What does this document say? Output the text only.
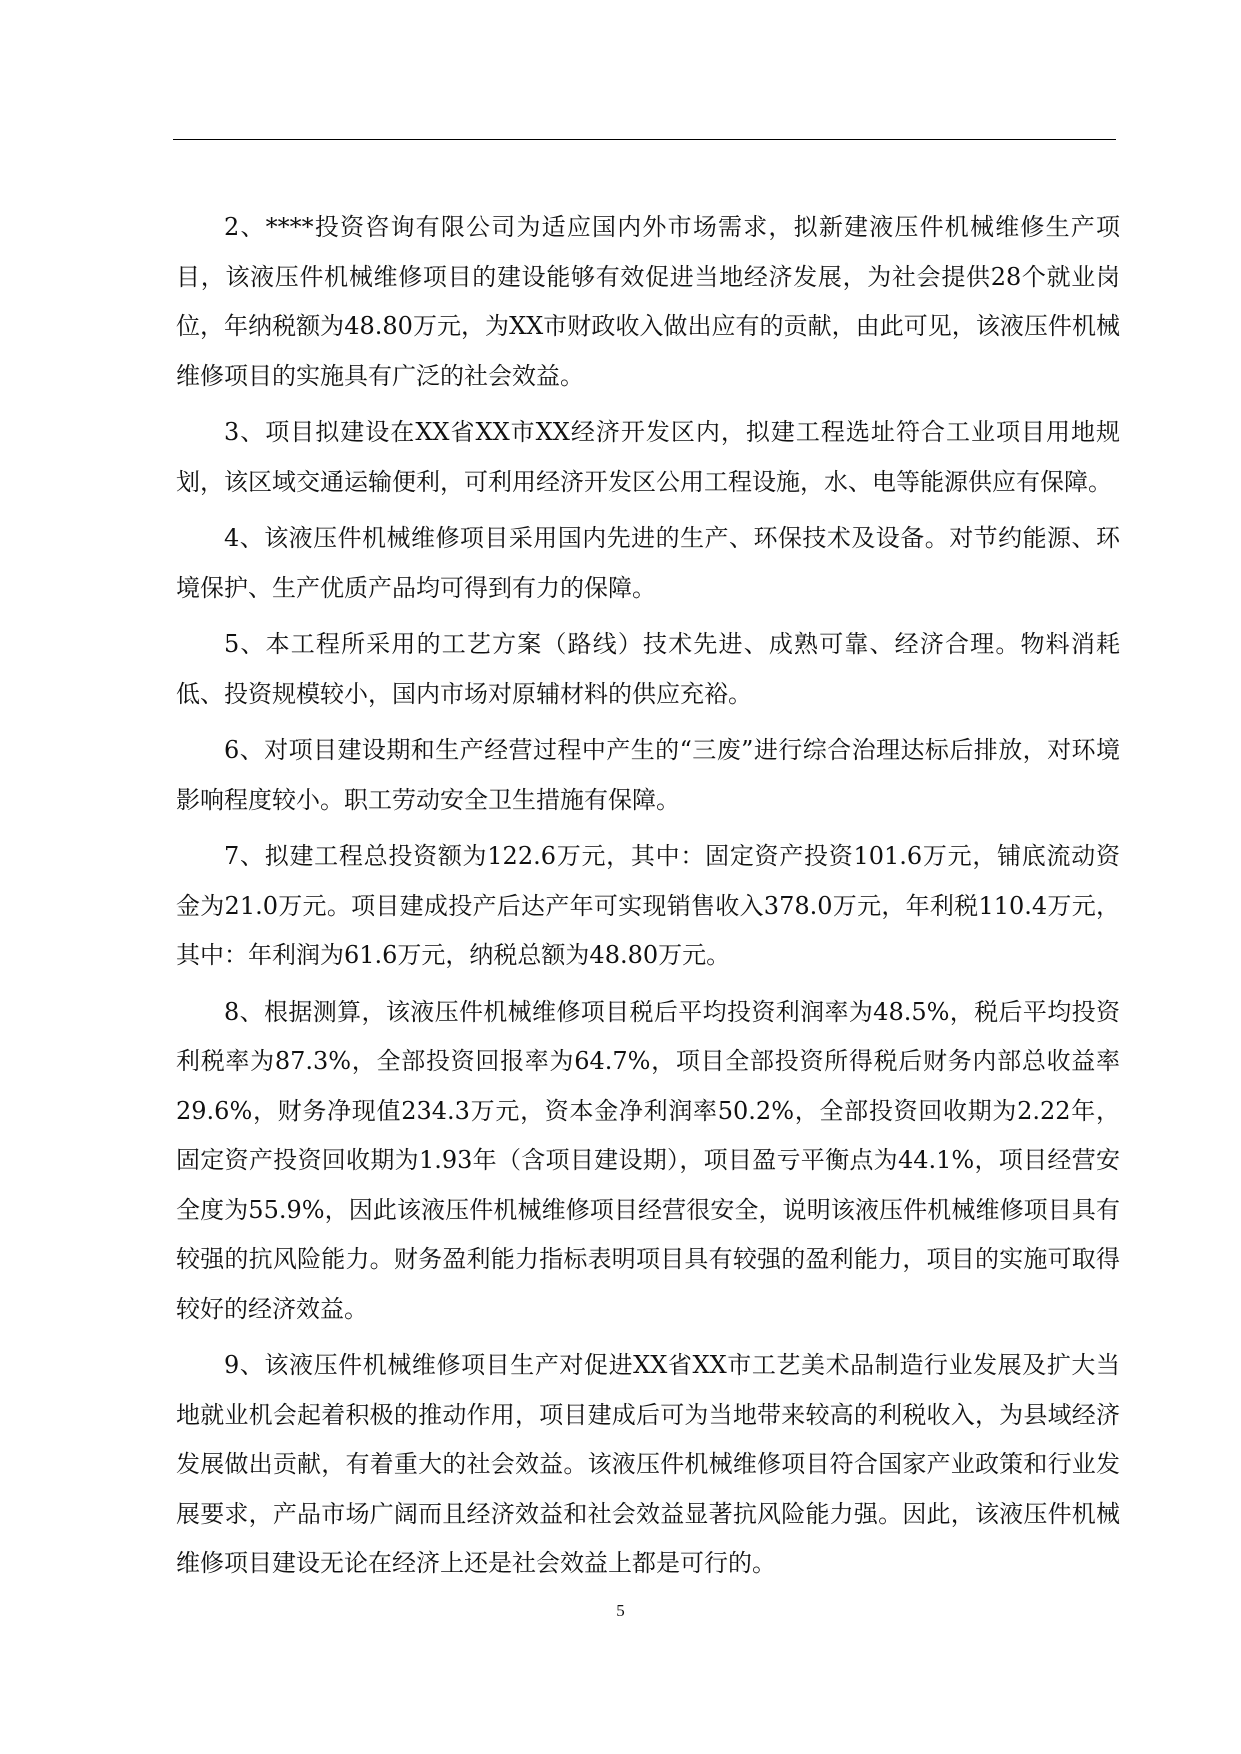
2、****投资咨询有限公司为适应国内外市场需求，拟新建液压件机械维修生产项目，该液压件机械维修项目的建设能够有效促进当地经济发展，为社会提供28个就业岗位，年纳税额为48.80万元，为XX市财政收入做出应有的贡献，由此可见，该液压件机械维修项目的实施具有广泛的社会效益。

3、项目拟建设在XX省XX市XX经济开发区内，拟建工程选址符合工业项目用地规划，该区域交通运输便利，可利用经济开发区公用工程设施，水、电等能源供应有保障。

4、该液压件机械维修项目采用国内先进的生产、环保技术及设备。对节约能源、环境保护、生产优质产品均可得到有力的保障。

5、本工程所采用的工艺方案（路线）技术先进、成熟可靠、经济合理。物料消耗低、投资规模较小，国内市场对原辅材料的供应充裕。

6、对项目建设期和生产经营过程中产生的“三废”进行综合治理达标后排放，对环境影响程度较小。职工劳动安全卫生措施有保障。

7、拟建工程总投资额为122.6万元，其中：固定资产投资101.6万元，铺底流动资金为21.0万元。项目建成投产后达产年可实现销售收入378.0万元，年利税110.4万元，其中：年利润为61.6万元，纳税总额为48.80万元。

8、根据测算，该液压件机械维修项目税后平均投资利润率为48.5%，税后平均投资利税率为87.3%，全部投资回报率为64.7%，项目全部投资所得税后财务内部总收益率29.6%，财务净现值234.3万元，资本金净利润率50.2%，全部投资回收期为2.22年，固定资产投资回收期为1.93年（含项目建设期），项目盈亏平衡点为44.1%，项目经营安全度为55.9%，因此该液压件机械维修项目经营很安全，说明该液压件机械维修项目具有较强的抗风险能力。财务盈利能力指标表明项目具有较强的盈利能力，项目的实施可取得较好的经济效益。

9、该液压件机械维修项目生产对促进XX省XX市工艺美术品制造行业发展及扩大当地就业机会起着积极的推动作用，项目建成后可为当地带来较高的利税收入，为县域经济发展做出贡献，有着重大的社会效益。该液压件机械维修项目符合国家产业政策和行业发展要求，产品市场广阔而且经济效益和社会效益显著抗风险能力强。因此，该液压件机械维修项目建设无论在经济上还是社会效益上都是可行的。

5
